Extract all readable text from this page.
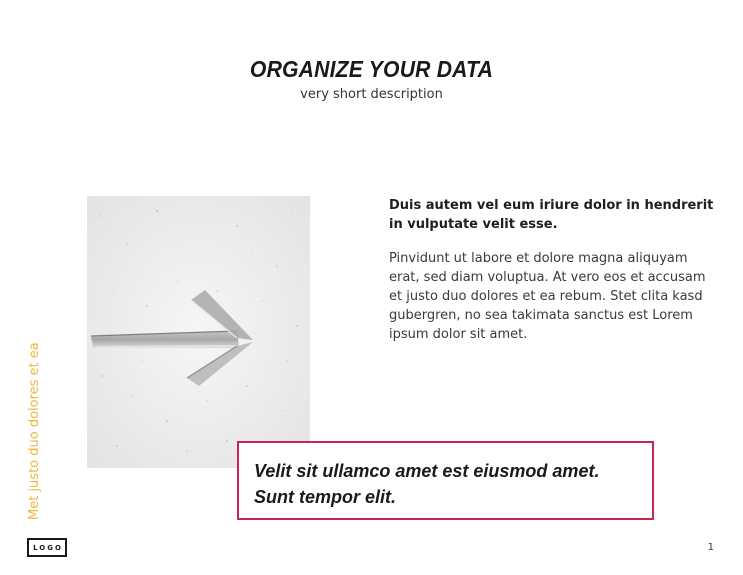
ORGANIZE YOUR DATA
very short description
Duis autem vel eum iriure dolor in hendrerit in vulputate velit esse.
Pinvidunt ut labore et dolore magna aliquyam erat, sed diam voluptua. At vero eos et accusam et justo duo dolores et ea rebum. Stet clita kasd gubergren, no sea takimata sanctus est Lorem ipsum dolor sit amet.
Velit sit ullamco amet est eiusmod amet. Sunt tempor elit.
Met justo duo dolores et ea
LOGO	1
